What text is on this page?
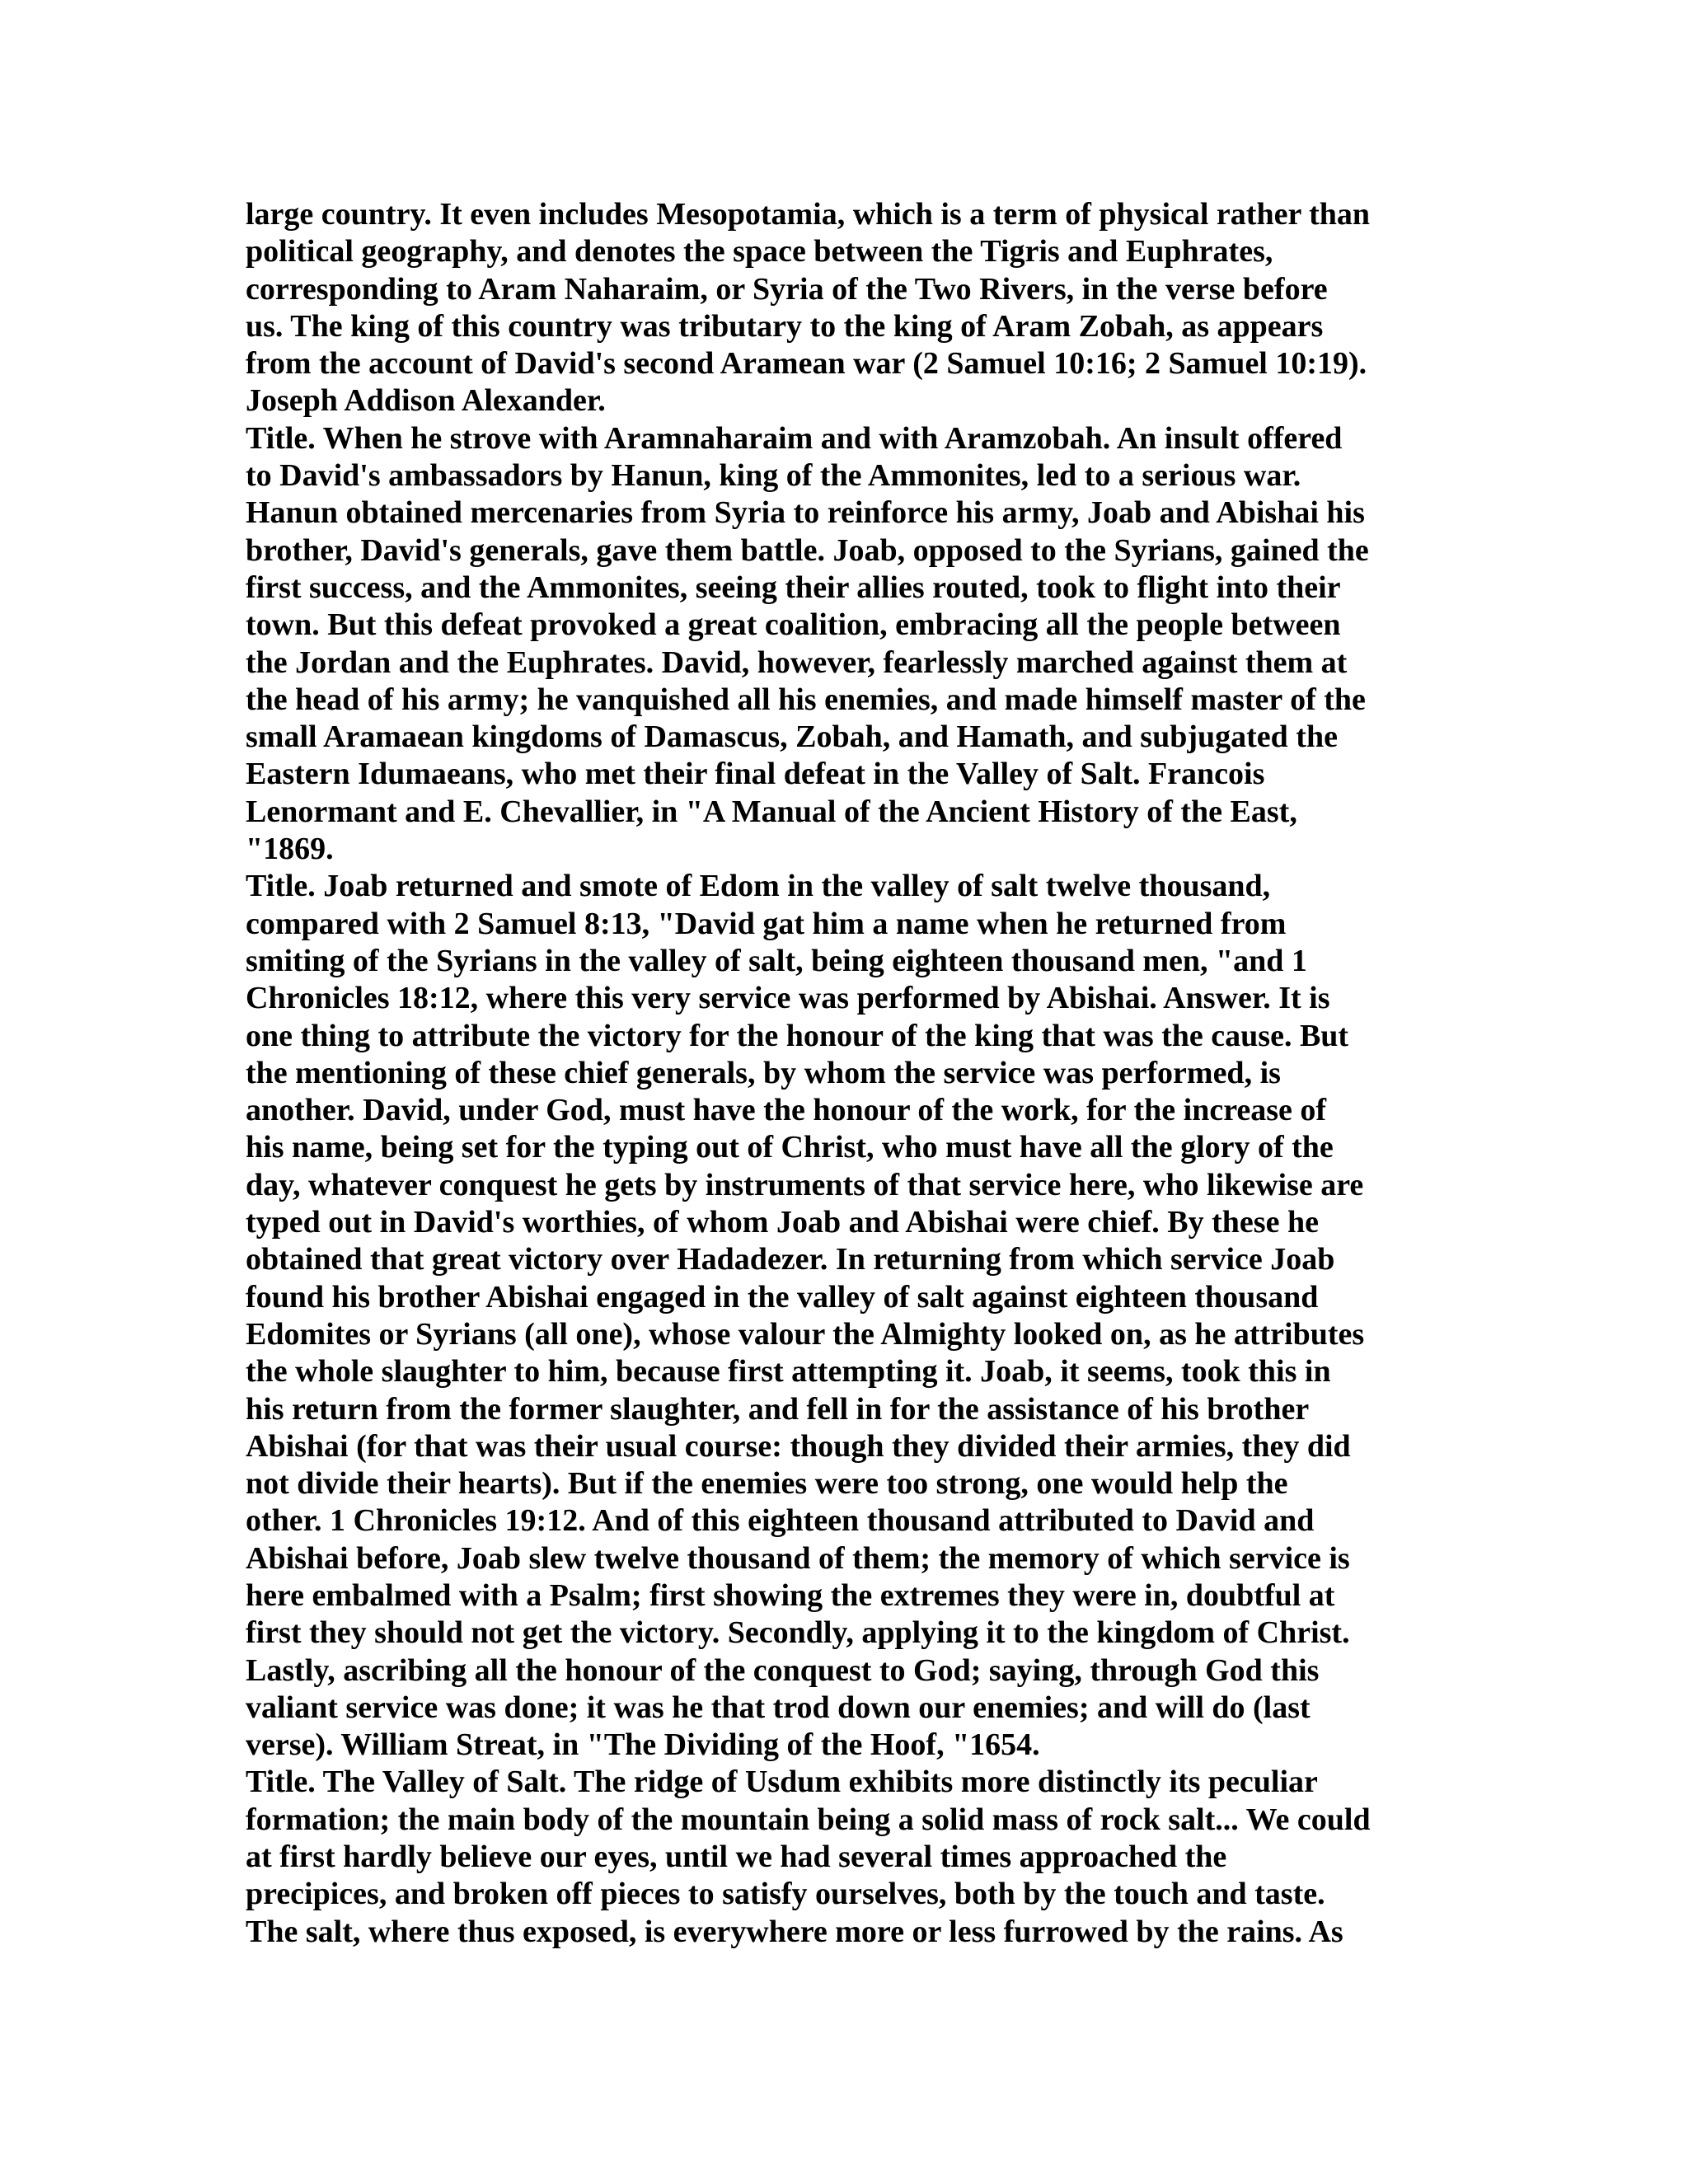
large country. It even includes Mesopotamia, which is a term of physical rather than

political geography, and denotes the space between the Tigris and Euphrates,

corresponding to Aram Naharaim, or Syria of the Two Rivers, in the verse before

us. The king of this country was tributary to the king of Aram Zobah, as appears

from the account of David's second Aramean war (2 Samuel 10:16; 2 Samuel 10:19).

Joseph Addison Alexander.

Title. When he strove with Aramnaharaim and with Aramzobah. An insult offered

to David's ambassadors by Hanun, king of the Ammonites, led to a serious war.

Hanun obtained mercenaries from Syria to reinforce his army, Joab and Abishai his

brother, David's generals, gave them battle. Joab, opposed to the Syrians, gained the

first success, and the Ammonites, seeing their allies routed, took to flight into their

town. But this defeat provoked a great coalition, embracing all the people between

the Jordan and the Euphrates. David, however, fearlessly marched against them at

the head of his army; he vanquished all his enemies, and made himself master of the

small Aramaean kingdoms of Damascus, Zobah, and Hamath, and subjugated the

Eastern Idumaeans, who met their final defeat in the Valley of Salt. Francois

Lenormant and E. Chevallier, in "A Manual of the Ancient History of the East,

"1869.

Title. Joab returned and smote of Edom in the valley of salt twelve thousand,

compared with 2 Samuel 8:13, "David gat him a name when he returned from

smiting of the Syrians in the valley of salt, being eighteen thousand men, "and 1

Chronicles 18:12, where this very service was performed by Abishai. Answer. It is

one thing to attribute the victory for the honour of the king that was the cause. But

the mentioning of these chief generals, by whom the service was performed, is

another. David, under God, must have the honour of the work, for the increase of

his name, being set for the typing out of Christ, who must have all the glory of the

day, whatever conquest he gets by instruments of that service here, who likewise are

typed out in David's worthies, of whom Joab and Abishai were chief. By these he

obtained that great victory over Hadadezer. In returning from which service Joab

found his brother Abishai engaged in the valley of salt against eighteen thousand

Edomites or Syrians (all one), whose valour the Almighty looked on, as he attributes

the whole slaughter to him, because first attempting it. Joab, it seems, took this in

his return from the former slaughter, and fell in for the assistance of his brother

Abishai (for that was their usual course: though they divided their armies, they did

not divide their hearts). But if the enemies were too strong, one would help the

other. 1 Chronicles 19:12. And of this eighteen thousand attributed to David and

Abishai before, Joab slew twelve thousand of them; the memory of which service is

here embalmed with a Psalm; first showing the extremes they were in, doubtful at

first they should not get the victory. Secondly, applying it to the kingdom of Christ.

Lastly, ascribing all the honour of the conquest to God; saying, through God this

valiant service was done; it was he that trod down our enemies; and will do (last

verse). William Streat, in "The Dividing of the Hoof, "1654.

Title. The Valley of Salt. The ridge of Usdum exhibits more distinctly its peculiar

formation; the main body of the mountain being a solid mass of rock salt... We could

at first hardly believe our eyes, until we had several times approached the

precipices, and broken off pieces to satisfy ourselves, both by the touch and taste.

The salt, where thus exposed, is everywhere more or less furrowed by the rains. As
